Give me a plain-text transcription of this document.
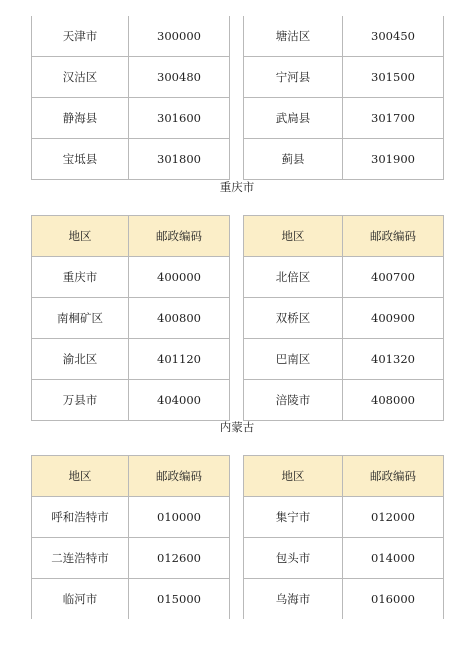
天津市	300000		塘沽区	300450
汉沽区	300480		宁河县	301500
静海县	301600		武扃县	301700
宝坻县	301800		蓟县	301900
重庆市
地区	邮政编码		地区	邮政编码
重庆市	400000		北倍区	400700
南桐矿区	400800		双桥区	400900
渝北区	401120		巴南区	401320
万县市	404000		涪陵市	408000
内蒙古
地区	邮政编码		地区	邮政编码
呼和浩特市	010000		集宁市	012000
二连浩特市	012600		包头市	014000
临河市	015000		乌海市	016000
